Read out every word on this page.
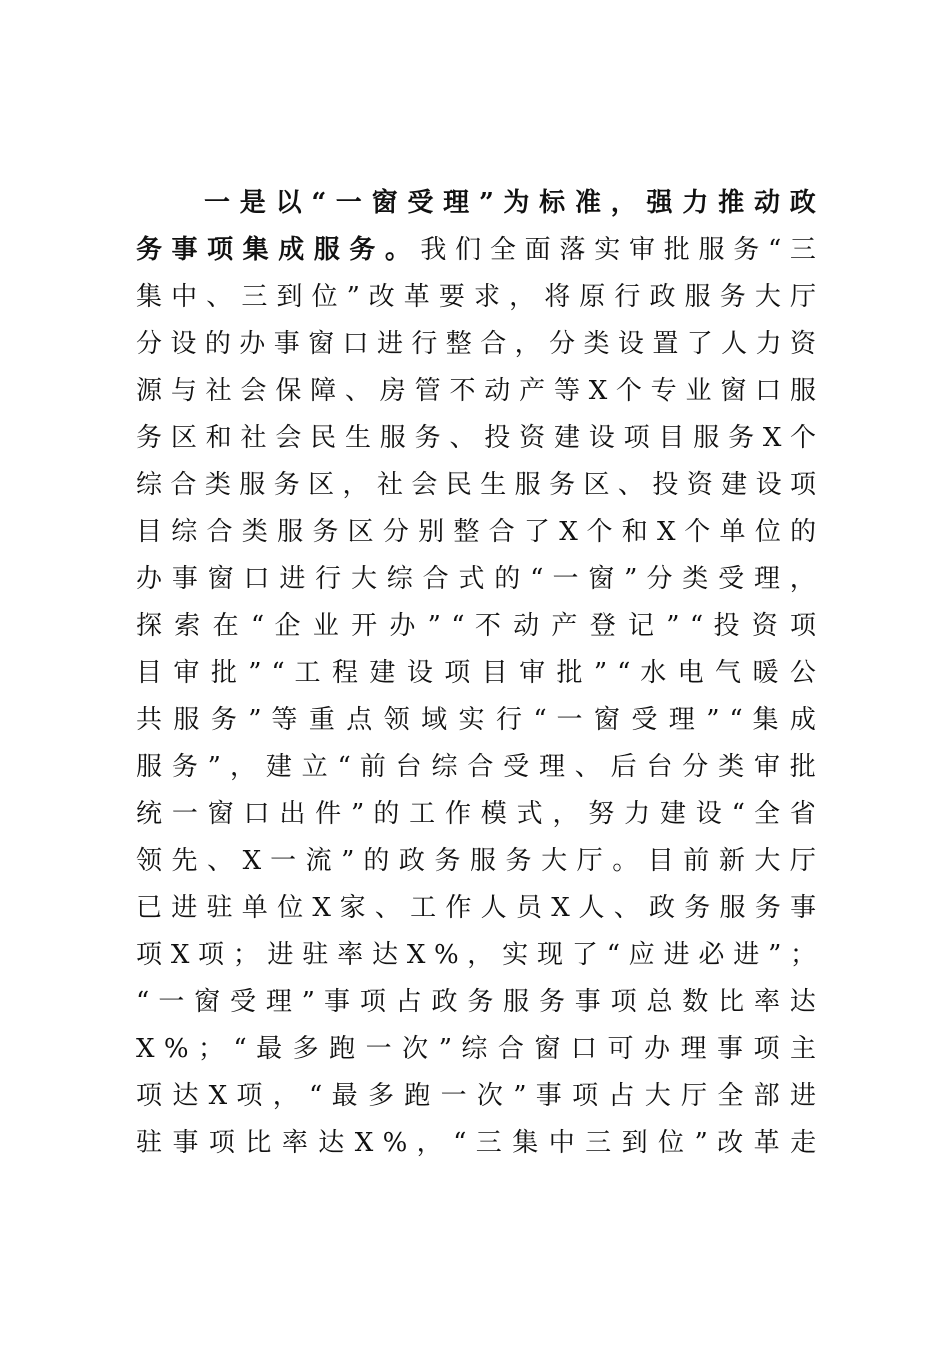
一 是 以 “ 一 窗 受 理 ” 为 标 准 ， 强 力 推 动 政
务 事 项 集 成 服 务 。 我 们 全 面 落 实 审 批 服 务 “ 三
集 中 、 三 到 位 ” 改 革 要 求 ， 将 原 行 政 服 务 大 厅
分 设 的 办 事 窗 口 进 行 整 合 ， 分 类 设 置 了 人 力 资
源 与 社 会 保 障 、 房 管 不 动 产 等 X 个 专 业 窗 口 服
务 区 和 社 会 民 生 服 务 、 投 资 建 设 项 目 服 务 X 个
综 合 类 服 务 区 ， 社 会 民 生 服 务 区 、 投 资 建 设 项
目 综 合 类 服 务 区 分 别 整 合 了 X 个 和 X 个 单 位 的
办 事 窗 口 进 行 大 综 合 式 的 “ 一 窗 ” 分 类 受 理 ，
探 索 在 “ 企 业 开 办 ” “ 不 动 产 登 记 ” “ 投 资 项
目 审 批 ” “ 工 程 建 设 项 目 审 批 ” “ 水 电 气 暖 公
共 服 务 ” 等 重 点 领 域 实 行 “ 一 窗 受 理 ” “ 集 成
服 务 ” ， 建 立 “ 前 台 综 合 受 理 、 后 台 分 类 审 批
统 一 窗 口 出 件 ” 的 工 作 模 式 ， 努 力 建 设 “ 全 省
领 先 、 X 一 流 ” 的 政 务 服 务 大 厅 。 目 前 新 大 厅
已 进 驻 单 位 X 家 、 工 作 人 员 X 人 、 政 务 服 务 事
项 X 项 ； 进 驻 率 达 X % ， 实 现 了 “ 应 进 必 进 ” ；
“ 一 窗 受 理 ” 事 项 占 政 务 服 务 事 项 总 数 比 率 达
X % ； “ 最 多 跑 一 次 ” 综 合 窗 口 可 办 理 事 项 主
项 达 X 项 ， “ 最 多 跑 一 次 ” 事 项 占 大 厅 全 部 进
驻 事 项 比 率 达 X % ， “ 三 集 中 三 到 位 ” 改 革 走
